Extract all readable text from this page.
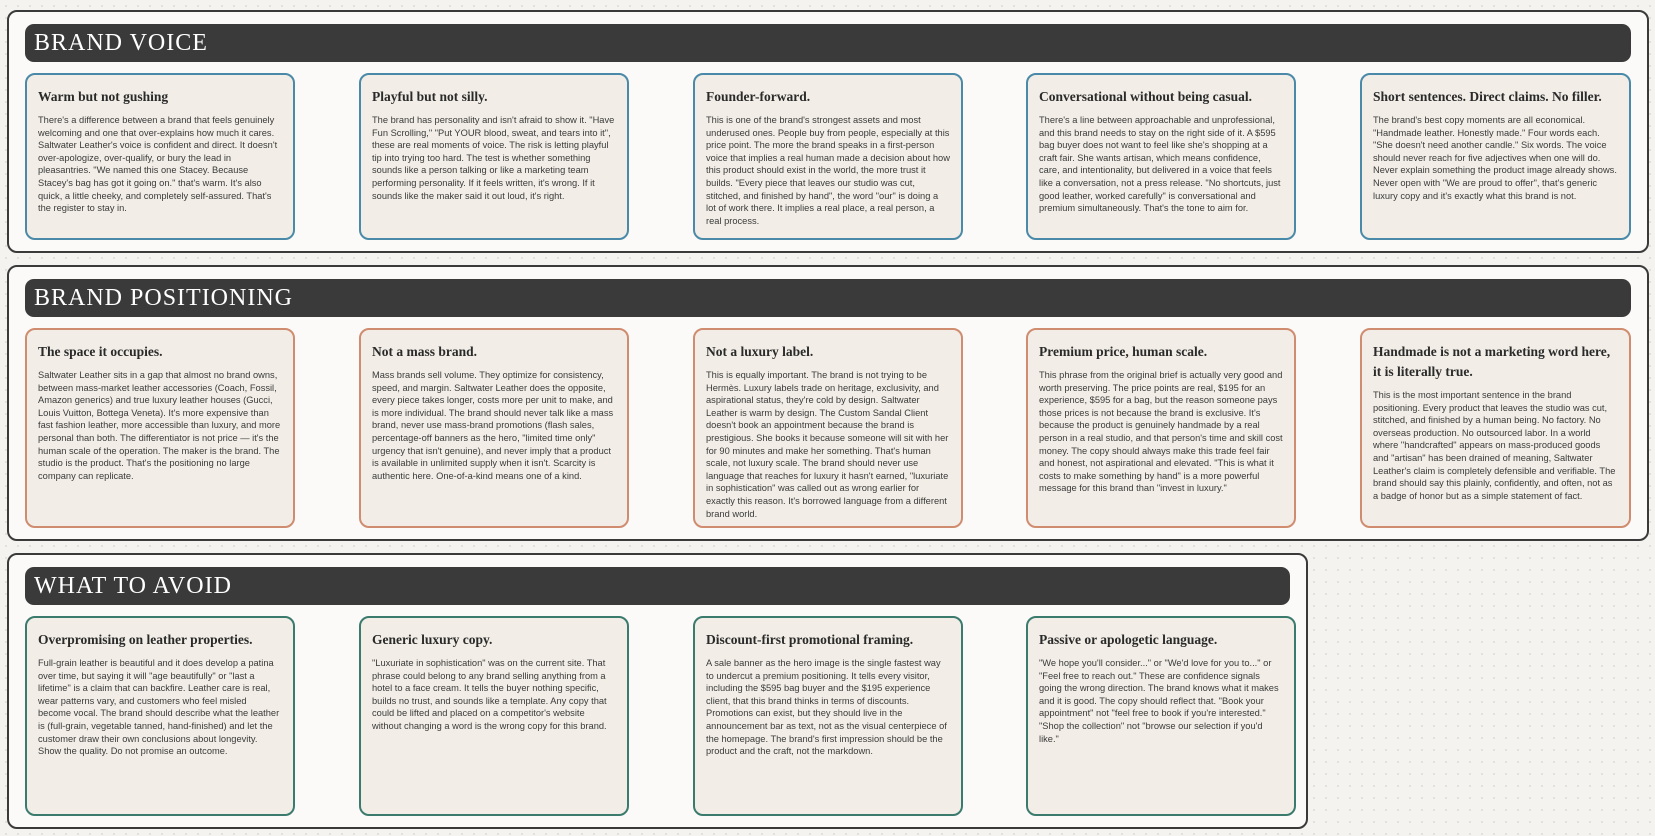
BRAND VOICE
Warm but not gushing

There's a difference between a brand that feels genuinely welcoming and one that over-explains how much it cares. Saltwater Leather's voice is confident and direct. It doesn't over-apologize, over-qualify, or bury the lead in pleasantries. "We named this one Stacey. Because Stacey's bag has got it going on." that's warm. It's also quick, a little cheeky, and completely self-assured. That's the register to stay in.

Playful but not silly.

The brand has personality and isn't afraid to show it. "Have Fun Scrolling," "Put YOUR blood, sweat, and tears into it", these are real moments of voice. The risk is letting playful tip into trying too hard. The test is whether something sounds like a person talking or like a marketing team performing personality. If it feels written, it's wrong. If it sounds like the maker said it out loud, it's right.

Founder-forward.

This is one of the brand's strongest assets and most underused ones. People buy from people, especially at this price point. The more the brand speaks in a first-person voice that implies a real human made a decision about how this product should exist in the world, the more trust it builds. "Every piece that leaves our studio was cut, stitched, and finished by hand", the word "our" is doing a lot of work there. It implies a real place, a real person, a real process.

Conversational without being casual.

There's a line between approachable and unprofessional, and this brand needs to stay on the right side of it. A $595 bag buyer does not want to feel like she's shopping at a craft fair. She wants artisan, which means confidence, care, and intentionality, but delivered in a voice that feels like a conversation, not a press release. "No shortcuts, just good leather, worked carefully" is conversational and premium simultaneously. That's the tone to aim for.

Short sentences. Direct claims. No filler.

The brand's best copy moments are all economical. "Handmade leather. Honestly made." Four words each. "She doesn't need another candle." Six words. The voice should never reach for five adjectives when one will do. Never explain something the product image already shows. Never open with "We are proud to offer", that's generic luxury copy and it's exactly what this brand is not.

BRAND POSITIONING
The space it occupies.

Saltwater Leather sits in a gap that almost no brand owns, between mass-market leather accessories (Coach, Fossil, Amazon generics) and true luxury leather houses (Gucci, Louis Vuitton, Bottega Veneta). It's more expensive than fast fashion leather, more accessible than luxury, and more personal than both. The differentiator is not price — it's the human scale of the operation. The maker is the brand. The studio is the product. That's the positioning no large company can replicate.

Not a mass brand.

Mass brands sell volume. They optimize for consistency, speed, and margin. Saltwater Leather does the opposite, every piece takes longer, costs more per unit to make, and is more individual. The brand should never talk like a mass brand, never use mass-brand promotions (flash sales, percentage-off banners as the hero, "limited time only" urgency that isn't genuine), and never imply that a product is available in unlimited supply when it isn't. Scarcity is authentic here. One-of-a-kind means one of a kind.

Not a luxury label.

This is equally important. The brand is not trying to be Hermès. Luxury labels trade on heritage, exclusivity, and aspirational status, they're cold by design. Saltwater Leather is warm by design. The Custom Sandal Client doesn't book an appointment because the brand is prestigious. She books it because someone will sit with her for 90 minutes and make her something. That's human scale, not luxury scale. The brand should never use language that reaches for luxury it hasn't earned, "luxuriate in sophistication" was called out as wrong earlier for exactly this reason. It's borrowed language from a different brand world.

Premium price, human scale.

This phrase from the original brief is actually very good and worth preserving. The price points are real, $195 for an experience, $595 for a bag, but the reason someone pays those prices is not because the brand is exclusive. It's because the product is genuinely handmade by a real person in a real studio, and that person's time and skill cost money. The copy should always make this trade feel fair and honest, not aspirational and elevated. "This is what it costs to make something by hand" is a more powerful message for this brand than "invest in luxury."

Handmade is not a marketing word here, it is literally true.

This is the most important sentence in the brand positioning. Every product that leaves the studio was cut, stitched, and finished by a human being. No factory. No overseas production. No outsourced labor. In a world where "handcrafted" appears on mass-produced goods and "artisan" has been drained of meaning, Saltwater Leather's claim is completely defensible and verifiable. The brand should say this plainly, confidently, and often, not as a badge of honor but as a simple statement of fact.

WHAT TO AVOID
Overpromising on leather properties.

Full-grain leather is beautiful and it does develop a patina over time, but saying it will "age beautifully" or "last a lifetime" is a claim that can backfire. Leather care is real, wear patterns vary, and customers who feel misled become vocal. The brand should describe what the leather is (full-grain, vegetable tanned, hand-finished) and let the customer draw their own conclusions about longevity. Show the quality. Do not promise an outcome.

Generic luxury copy.

"Luxuriate in sophistication" was on the current site. That phrase could belong to any brand selling anything from a hotel to a face cream. It tells the buyer nothing specific, builds no trust, and sounds like a template. Any copy that could be lifted and placed on a competitor's website without changing a word is the wrong copy for this brand.

Discount-first promotional framing.

A sale banner as the hero image is the single fastest way to undercut a premium positioning. It tells every visitor, including the $595 bag buyer and the $195 experience client, that this brand thinks in terms of discounts. Promotions can exist, but they should live in the announcement bar as text, not as the visual centerpiece of the homepage. The brand's first impression should be the product and the craft, not the markdown.

Passive or apologetic language.

"We hope you'll consider..." or "We'd love for you to..." or "Feel free to reach out." These are confidence signals going the wrong direction. The brand knows what it makes and it is good. The copy should reflect that. "Book your appointment" not "feel free to book if you're interested." "Shop the collection" not "browse our selection if you'd like."
